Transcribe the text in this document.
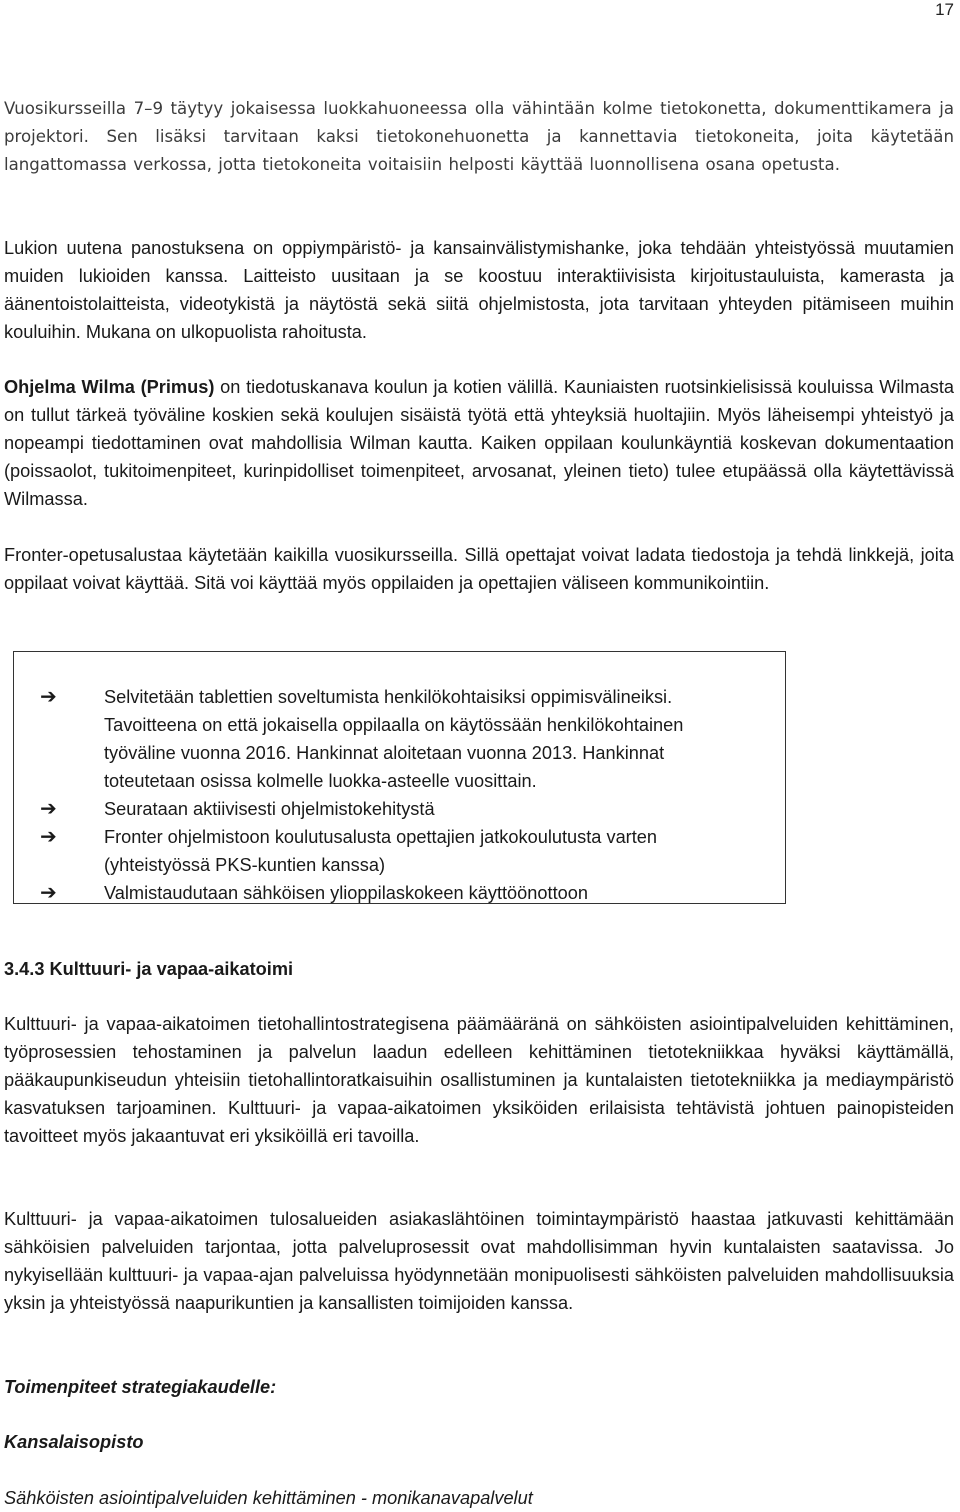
17

Vuosikursseilla 7–9 täytyy jokaisessa luokkahuoneessa olla vähintään kolme tietokonetta, dokumenttikamera ja projektori. Sen lisäksi tarvitaan kaksi tietokonehuonetta ja kannettavia tietokoneita, joita käytetään langattomassa verkossa, jotta tietokoneita voitaisiin helposti käyttää luonnollisena osana opetusta.

Lukion uutena panostuksena on oppiympäristö- ja kansainvälistymishanke, joka tehdään yhteistyössä muutamien muiden lukioiden kanssa. Laitteisto uusitaan ja se koostuu interaktiivisista kirjoitustauluista, kamerasta ja äänentoistolaitteista, videotykistä ja näytöstä sekä siitä ohjelmistosta, jota tarvitaan yhteyden pitämiseen muihin kouluihin. Mukana on ulkopuolista rahoitusta.

Ohjelma Wilma (Primus) on tiedotuskanava koulun ja kotien välillä. Kauniaisten ruotsinkielisissä kouluissa Wilmasta on tullut tärkeä työväline koskien sekä koulujen sisäistä työtä että yhteyksiä huoltajiin. Myös läheisempi yhteistyö ja nopeampi tiedottaminen ovat mahdollisia Wilman kautta. Kaiken oppilaan koulunkäyntiä koskevan dokumentaation (poissaolot, tukitoimenpiteet, kurinpidolliset toimenpiteet, arvosanat, yleinen tieto) tulee etupäässä olla käytettävissä Wilmassa.

Fronter-opetusalustaa käytetään kaikilla vuosikursseilla. Sillä opettajat voivat ladata tiedostoja ja tehdä linkkejä, joita oppilaat voivat käyttää. Sitä voi käyttää myös oppilaiden ja opettajien väliseen kommunikointiin.

➔	Selvitetään tablettien soveltumista henkilökohtaisiksi oppimisvälineiksi. Tavoitteena on että jokaisella oppilaalla on käytössään henkilökohtainen työväline vuonna 2016. Hankinnat aloitetaan vuonna 2013. Hankinnat toteutetaan osissa kolmelle luokka-asteelle vuosittain.
➔	Seurataan aktiivisesti ohjelmistokehitystä
➔	Fronter ohjelmistoon koulutusalusta opettajien jatkokoulutusta varten (yhteistyössä PKS-kuntien kanssa)
➔	Valmistaudutaan sähköisen ylioppilaskokeen käyttöönottoon
3.4.3 Kulttuuri- ja vapaa-aikatoimi

Kulttuuri- ja vapaa-aikatoimen tietohallintostrategisena päämääränä on sähköisten asiointipalveluiden kehittäminen, työprosessien tehostaminen ja palvelun laadun edelleen kehittäminen tietotekniikkaa hyväksi käyttämällä, pääkaupunkiseudun yhteisiin tietohallintoratkaisuihin osallistuminen ja kuntalaisten tietotekniikka ja mediaympäristö kasvatuksen tarjoaminen. Kulttuuri- ja vapaa-aikatoimen yksiköiden erilaisista tehtävistä johtuen painopisteiden tavoitteet myös jakaantuvat eri yksiköillä eri tavoilla.

Kulttuuri- ja vapaa-aikatoimen tulosalueiden asiakaslähtöinen toimintaympäristö haastaa jatkuvasti kehittämään sähköisien palveluiden tarjontaa, jotta palveluprosessit ovat mahdollisimman hyvin kuntalaisten saatavissa. Jo nykyisellään kulttuuri- ja vapaa-ajan palveluissa hyödynnetään monipuolisesti sähköisten palveluiden mahdollisuuksia yksin ja yhteistyössä naapurikuntien ja kansallisten toimijoiden kanssa.

Toimenpiteet strategiakaudelle:
Kansalaisopisto
Sähköisten asiointipalveluiden kehittäminen - monikanavapalvelut
